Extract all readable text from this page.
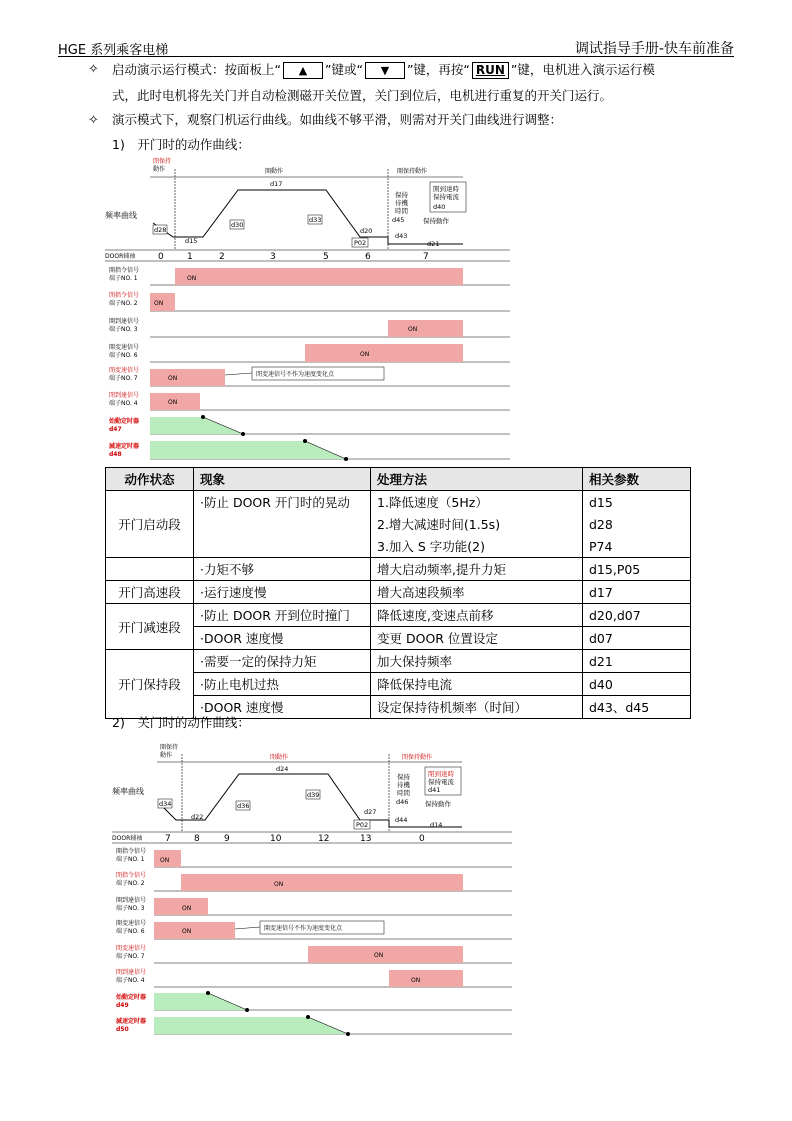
HGE 系列乘客电梯	调试指导手册-快车前准备
✧ 启动演示运行模式：按面板上“ ▲ ”键或“ ▼ ”键，再按“ RUN ”键，电机进入演示运行模
式，此时电机将先关门并自动检测磁开关位置，关门到位后，电机进行重复的开关门运行。
✧ 演示模式下，观察门机运行曲线。如曲线不够平滑，则需对开关门曲线进行调整：
1)　开门时的动作曲线：
閉保持
動作	開動作	開保持動作
频率曲线
d17
d28
d15
d30
d33
d20
P02
d43
d45
d21
保持
待機
時間
開到達時
保持電流
d40
保持動作
DOOR辅袖	0	1	2	3	5	6	7
開指令信号
端子NO. 1	ON
閉指令信号
端子NO. 2	ON
開到達信号
端子NO. 3	ON
開変速信号
端子NO. 6	ON
閉変速信号
端子NO. 7	ON
閉変速信号不作为速度变化点
閉到達信号
端子NO. 4	ON
始動定时器
d47
減速定时器
d48
动作状态	现象	处理方法	相关参数
开门启动段	·防止 DOOR 开门时的晃动	1.降低速度（5Hz）	d15
		2.增大减速时间(1.5s)	d28
		3.加入 S 字功能(2)	P74
	·力矩不够	增大启动频率,提升力矩	d15,P05
开门高速段	·运行速度慢	增大高速段频率	d17
开门减速段	·防止 DOOR 开到位时撞门	降低速度,变速点前移	d20,d07
	·DOOR 速度慢	变更 DOOR 位置设定	d07
开门保持段	·需要一定的保持力矩	加大保持频率	d21
	·防止电机过热	降低保持电流	d40
	·DOOR 速度慢	设定保持待机频率（时间）	d43、d45
2)　关门时的动作曲线：
開保持
動作	閉動作	閉保持動作
频率曲线
d24
d34
d22
d36
d39
d27
P02
d44
d46
d14
保持
待機
時間
閉到達時
保持電流
d41
保持動作
DOOR辅袖	7	8	9	10	12	13	0
開指令信号
端子NO. 1	ON
閉指令信号
端子NO. 2	ON
開到達信号
端子NO. 3	ON
開変速信号
端子NO. 6	ON	開変速信号不作为速度变化点
閉変速信号
端子NO. 7	ON
閉到達信号
端子NO. 4	ON
始動定时器
d49
減速定时器
d50
